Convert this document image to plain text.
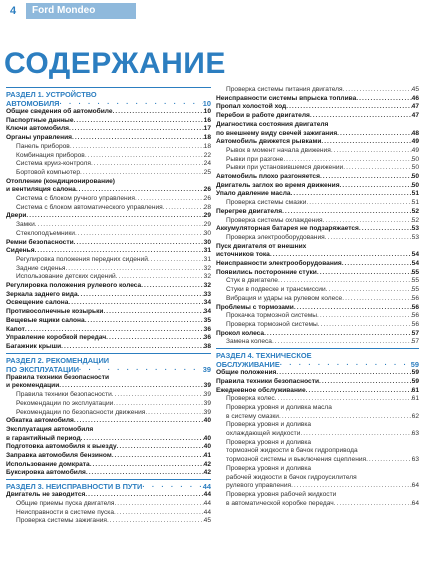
4	Ford Mondeo
СОДЕРЖАНИЕ
РАЗДЕЛ 1. УСТРОЙСТВО
АВТОМОБИЛЯ · · ·	10
Общие сведения об автомобиле .....	10
Паспортные данные .....	16
Ключи автомобиля .....	17
Органы управления .....	18
Панель приборов .....	18
Комбинация приборов .....	22
Система круиз-контроля .....	24
Бортовой компьютер .....	25
Отопление (кондиционирование)
и вентиляция салона .....	26
Система с блоком ручного управления .....	26
Система с блоком автоматического управления .....	28
Двери .....	29
Замки .....	29
Стеклоподъемники .....	30
Ремни безопасности .....	30
Сиденья .....	31
Регулировка положения передних сидений .....	31
Задние сиденья .....	32
Использование детских сидений .....	32
Регулировка положения рулевого колеса .....	32
Зеркала заднего вида .....	33
Освещение салона .....	34
Противосолнечные козырьки .....	34
Вещевые ящики салона .....	35
Капот .....	36
Управление коробкой передач .....	36
Багажник крыши .....	38
РАЗДЕЛ 2. РЕКОМЕНДАЦИИ
ПО ЭКСПЛУАТАЦИИ · · ·	39
Правила техники безопасности
и рекомендации .....	39
Правила техники безопасности .....	39
Рекомендации по эксплуатации .....	39
Рекомендации по безопасности движения .....	39
Обкатка автомобиля .....	40
Эксплуатация автомобиля
в гарантийный период .....	40
Подготовка автомобиля к выезду .....	40
Заправка автомобиля бензином .....	41
Использование домкрата .....	42
Буксировка автомобиля .....	42
РАЗДЕЛ 3. НЕИСПРАВНОСТИ В ПУТИ · · ·	44
Двигатель не заводится .....	44
Общие приемы пуска двигателя .....	44
Неисправности в системе пуска .....	44
Проверка системы зажигания .....	45
Проверка системы питания двигателя .....	45
Неисправности системы впрыска топлива .....	46
Пропал холостой ход .....	47
Перебои в работе двигателя .....	47
Диагностика состояния двигателя
по внешнему виду свечей зажигания .....	48
Автомобиль движется рывками .....	49
Рывок в момент начала движения .....	49
Рывки при разгоне .....	50
Рывки при установившемся движении .....	50
Автомобиль плохо разгоняется .....	50
Двигатель заглох во время движения .....	50
Упало давление масла .....	51
Проверка системы смазки .....	51
Перегрев двигателя .....	52
Проверка системы охлаждения .....	52
Аккумуляторная батарея не подзаряжается .....	53
Проверка электрооборудования .....	53
Пуск двигателя от внешних
источников тока .....	54
Неисправности электрооборудования .....	54
Появились посторонние стуки .....	55
Стук в двигателе .....	55
Стуки в подвеске и трансмиссии .....	55
Вибрация и удары на рулевом колесе .....	56
Проблемы с тормозами .....	56
Прокачка тормозной системы .....	56
Проверка тормозной системы .....	56
Прокол колеса .....	57
Замена колеса .....	57
РАЗДЕЛ 4. ТЕХНИЧЕСКОЕ
ОБСЛУЖИВАНИЕ · · ·	59
Общие положения .....	59
Правила техники безопасности .....	59
Ежедневное обслуживание .....	61
Проверка колес .....	61
Проверка уровня и доливка масла
в систему смазки .....	62
Проверка уровня и доливка
охлаждающей жидкости .....	63
Проверка уровня и доливка
тормозной жидкости в бачок гидропривода
тормозной системы и выключения сцепления .....	63
Проверка уровня и доливка
рабочей жидкости в бачок гидроусилителя
рулевого управления .....	64
Проверка уровня рабочей жидкости
в автоматической коробке передач .....	64
